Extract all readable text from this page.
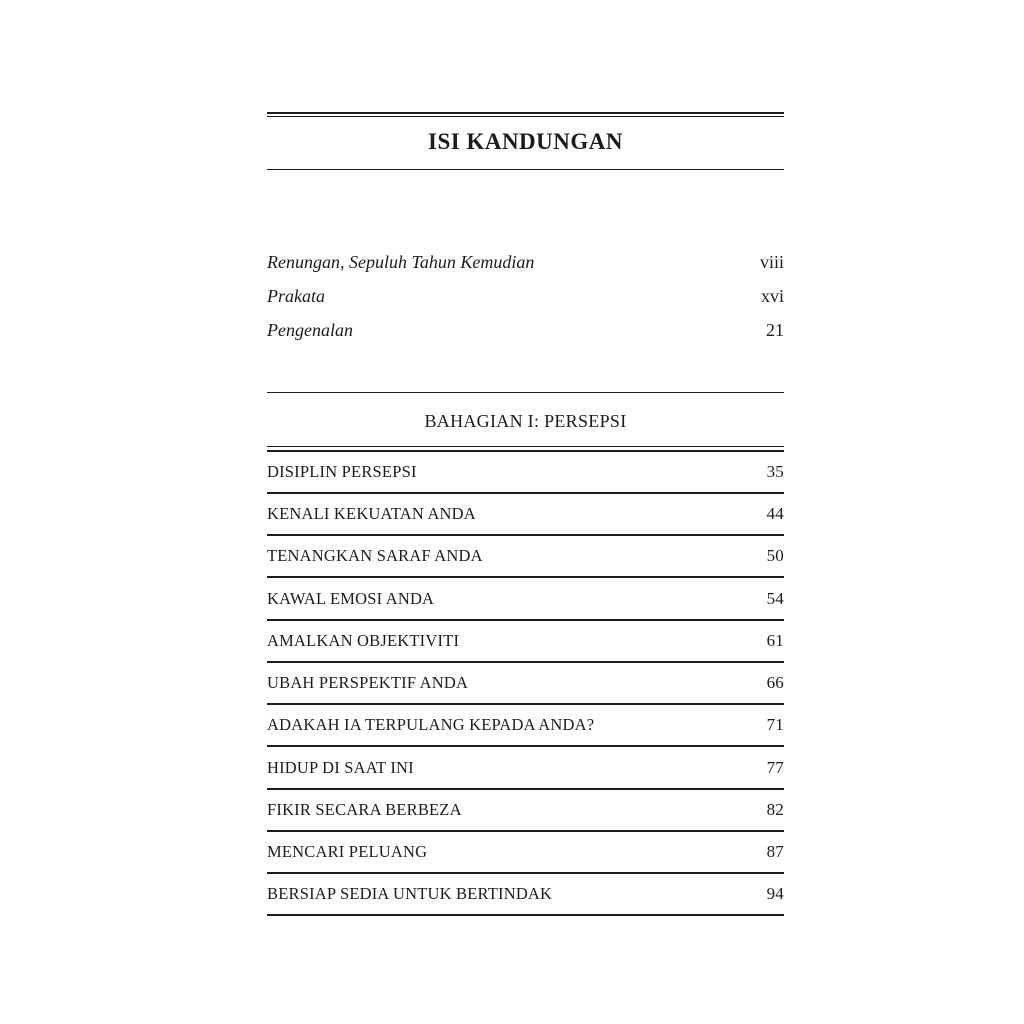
ISI KANDUNGAN
Renungan, Sepuluh Tahun Kemudian	viii
Prakata	xvi
Pengenalan	21
BAHAGIAN I: PERSEPSI
DISIPLIN PERSEPSI	35
KENALI KEKUATAN ANDA	44
TENANGKAN SARAF ANDA	50
KAWAL EMOSI ANDA	54
AMALKAN OBJEKTIVITI	61
UBAH PERSPEKTIF ANDA	66
ADAKAH IA TERPULANG KEPADA ANDA?	71
HIDUP DI SAAT INI	77
FIKIR SECARA BERBEZA	82
MENCARI PELUANG	87
BERSIAP SEDIA UNTUK BERTINDAK	94
